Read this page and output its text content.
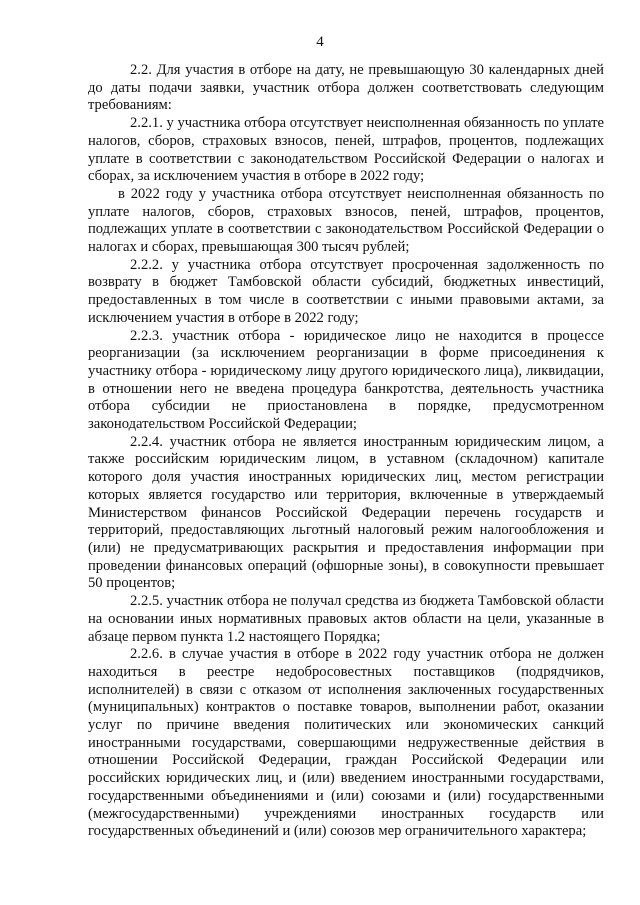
4

2.2. Для участия в отборе на дату, не превышающую 30 календарных дней до даты подачи заявки, участник отбора должен соответствовать следующим требованиям:

2.2.1. у участника отбора отсутствует неисполненная обязанность по уплате налогов, сборов, страховых взносов, пеней, штрафов, процентов, подлежащих уплате в соответствии с законодательством Российской Федерации о налогах и сборах, за исключением участия в отборе в 2022 году;

в 2022 году у участника отбора отсутствует неисполненная обязанность по уплате налогов, сборов, страховых взносов, пеней, штрафов, процентов, подлежащих уплате в соответствии с законодательством Российской Федерации о налогах и сборах, превышающая 300 тысяч рублей;

2.2.2. у участника отбора отсутствует просроченная задолженность по возврату в бюджет Тамбовской области субсидий, бюджетных инвестиций, предоставленных в том числе в соответствии с иными правовыми актами, за исключением участия в отборе в 2022 году;

2.2.3. участник отбора - юридическое лицо не находится в процессе реорганизации (за исключением реорганизации в форме присоединения к участнику отбора - юридическому лицу другого юридического лица), ликвидации, в отношении него не введена процедура банкротства, деятельность участника отбора субсидии не приостановлена в порядке, предусмотренном законодательством Российской Федерации;

2.2.4. участник отбора не является иностранным юридическим лицом, а также российским юридическим лицом, в уставном (складочном) капитале которого доля участия иностранных юридических лиц, местом регистрации которых является государство или территория, включенные в утверждаемый Министерством финансов Российской Федерации перечень государств и территорий, предоставляющих льготный налоговый режим налогообложения и (или) не предусматривающих раскрытия и предоставления информации при проведении финансовых операций (офшорные зоны), в совокупности превышает 50 процентов;

2.2.5. участник отбора не получал средства из бюджета Тамбовской области на основании иных нормативных правовых актов области на цели, указанные в абзаце первом пункта 1.2 настоящего Порядка;

2.2.6. в случае участия в отборе в 2022 году участник отбора не должен находиться в реестре недобросовестных поставщиков (подрядчиков, исполнителей) в связи с отказом от исполнения заключенных государственных (муниципальных) контрактов о поставке товаров, выполнении работ, оказании услуг по причине введения политических или экономических санкций иностранными государствами, совершающими недружественные действия в отношении Российской Федерации, граждан Российской Федерации или российских юридических лиц, и (или) введением иностранными государствами, государственными объединениями и (или) союзами и (или) государственными (межгосударственными) учреждениями иностранных государств или государственных объединений и (или) союзов мер ограничительного характера;
